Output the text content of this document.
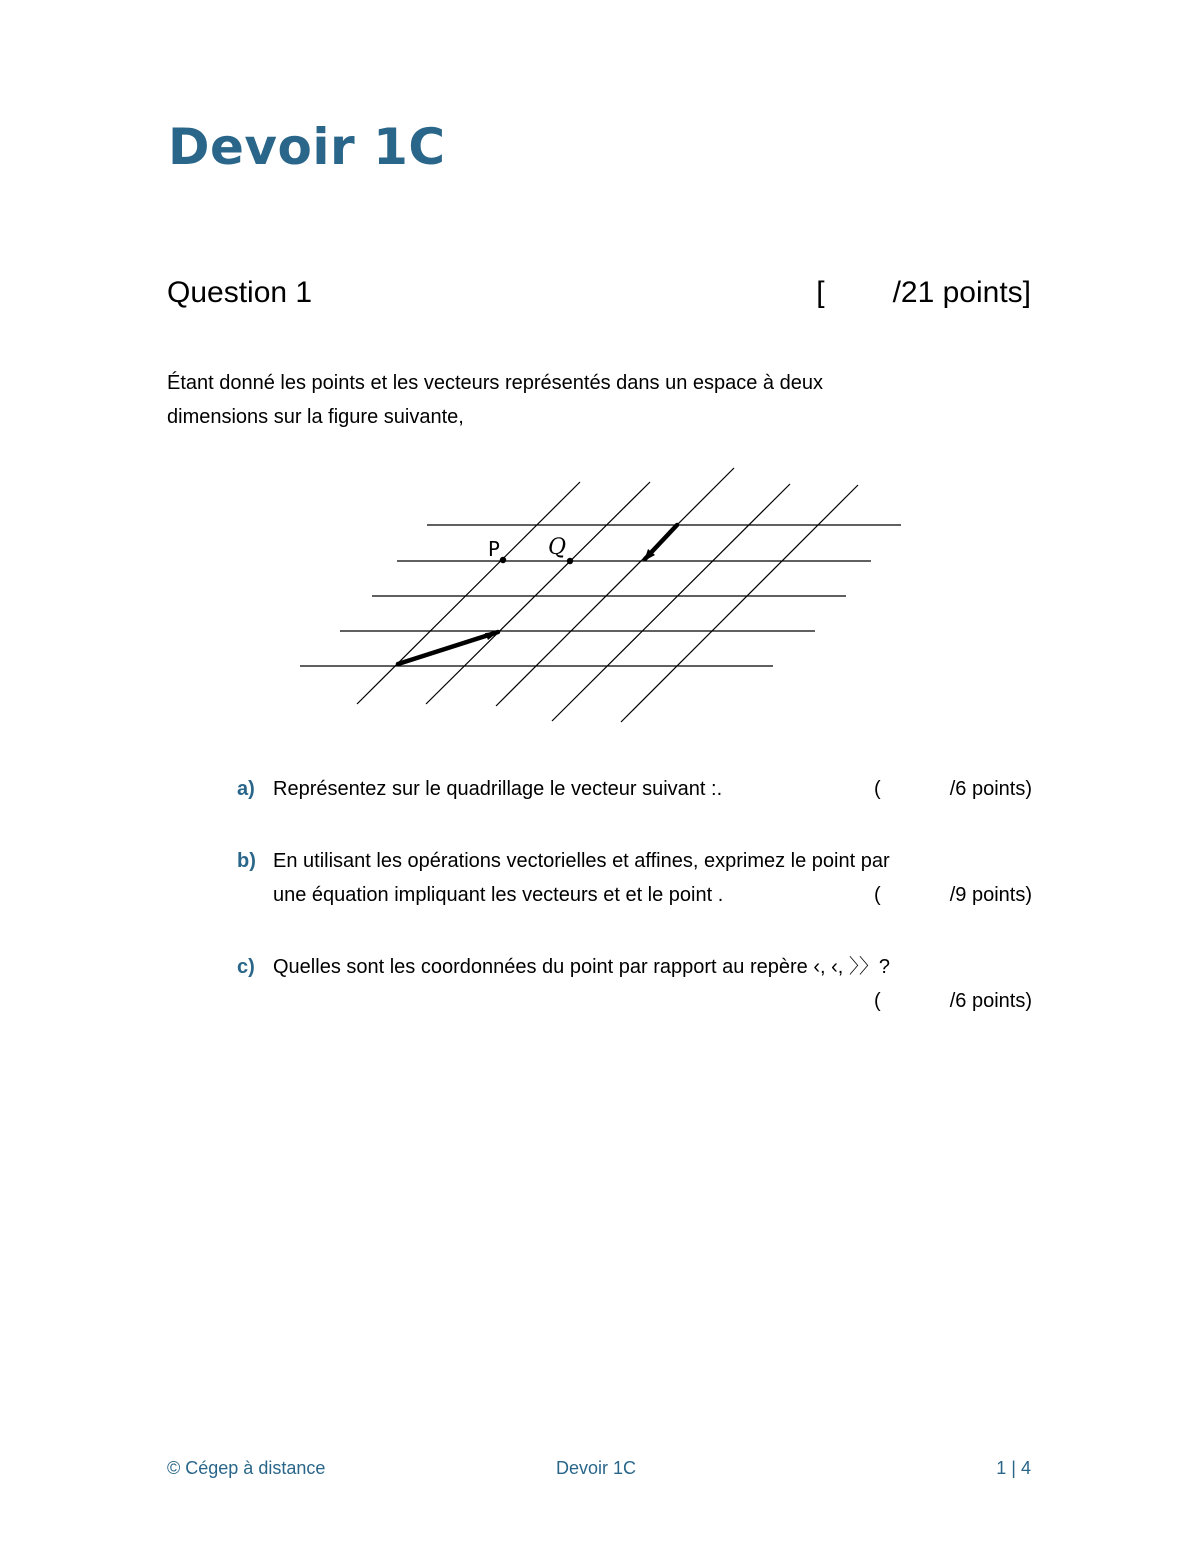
Devoir 1C
Question 1	[ /21 points]
Étant donné les points et les vecteurs représentés dans un espace à deux
dimensions sur la figure suivante,
P Q
a) Représentez sur le quadrillage le vecteur suivant :.	(	/6 points)
b) En utilisant les opérations vectorielles et affines, exprimez le point par
une équation impliquant les vecteurs et et le point .	(	/9 points)
c) Quelles sont les coordonnées du point par rapport au repère ‹, ‹, 〉〉?
(	/6 points)
© Cégep à distance	Devoir 1C	1 | 4
